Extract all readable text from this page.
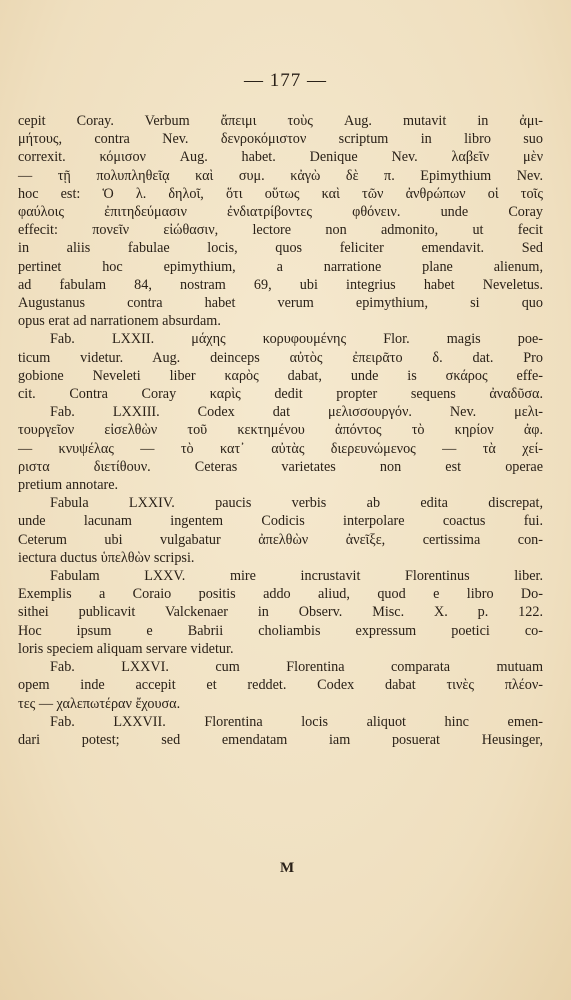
— 177 —
cepit Coray. Verbum ἄπειμι τοὺς Aug. mutavit in ἀμι-
μήτους, contra Nev. δενροκόμιστον scriptum in libro suo
correxit. κόμισον Aug. habet. Denique Nev. λαβεῖν μὲν
— τῇ πολυπληθεῖᾳ καὶ συμ. κἀγὼ δὲ π. Epimythium Nev.
hoc est: Ὁ λ. δηλοῖ, ὅτι οὕτως καὶ τῶν ἀνθρώπων οἱ τοῖς
φαύλοις ἐπιτηδεύμασιν ἐνδιατρίβοντες φθόνειν. unde Coray
effecit: πονεῖν εἰώθασιν, lectore non admonito, ut fecit
in aliis fabulae locis, quos feliciter emendavit. Sed
pertinet hoc epimythium, a narratione plane alienum,
ad fabulam 84, nostram 69, ubi integrius habet Neveletus.
Augustanus contra habet verum epimythium, si quo
opus erat ad narrationem absurdam.
Fab. LXXII. μάχης κορυφουμένης Flor. magis poe-
ticum videtur. Aug. deinceps αὐτὸς ἐπειρᾶτο δ. dat. Pro
gobione Neveleti liber καρὸς dabat, unde is σκάρος effe-
cit. Contra Coray καρὶς dedit propter sequens ἀναδῦσα.
Fab. LXXIII. Codex dat μελισσουργόν. Nev. μελι-
τουργεῖον εἰσελθὼν τοῦ κεκτημένου ἀπόντος τὸ κηρίον ἀφ.
— κνυψέλας — τὸ κατ᾽ αὐτὰς διερευνώμενος — τὰ χεί-
ριστα διετίθουν. Ceteras varietates non est operae
pretium annotare.
Fabula LXXIV. paucis verbis ab edita discrepat,
unde lacunam ingentem Codicis interpolare coactus fui.
Ceterum ubi vulgabatur ἀπελθὼν ἀνεῖξε, certissima con-
iectura ductus ὑπελθὼν scripsi.
Fabulam LXXV. mire incrustavit Florentinus liber.
Exemplis a Coraio positis addo aliud, quod e libro Do-
sithei publicavit Valckenaer in Observ. Misc. X. p. 122.
Hoc ipsum e Babrii choliambis expressum poetici co-
loris speciem aliquam servare videtur.
Fab. LXXVI. cum Florentina comparata mutuam
opem inde accepit et reddet. Codex dabat τινὲς πλέον-
τες — χαλεπωτέραν ἔχουσα.
Fab. LXXVII. Florentina locis aliquot hinc emen-
dari potest; sed emendatam iam posuerat Heusinger,
M
